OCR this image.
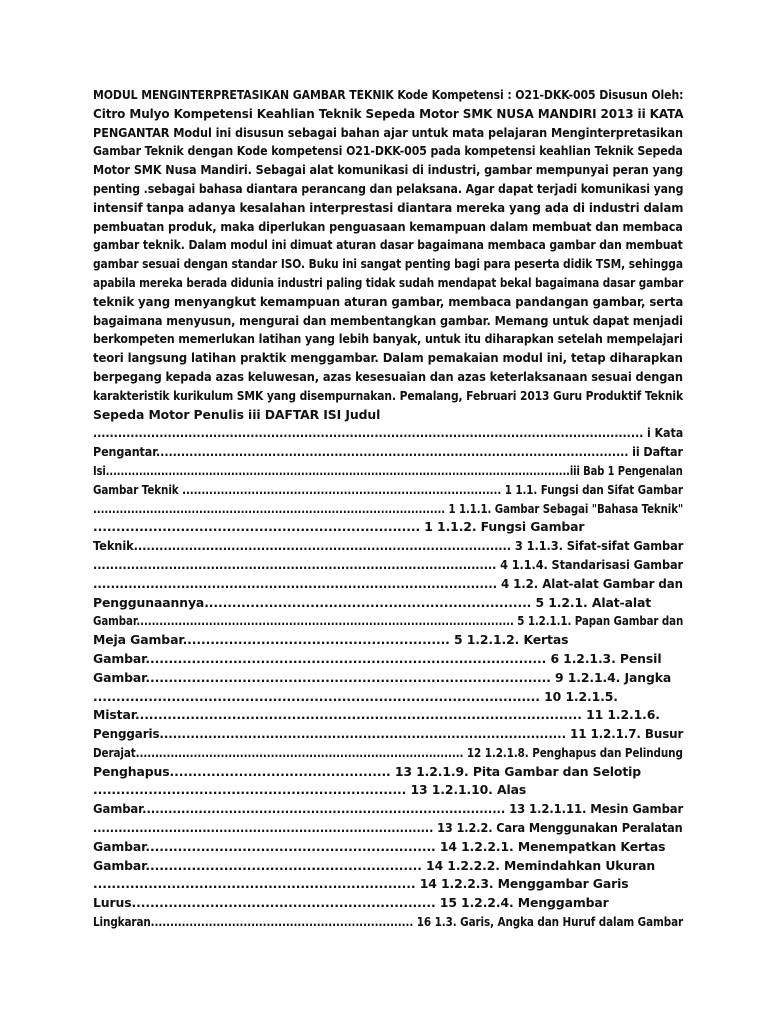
MODUL MENGINTERPRETASIKAN GAMBAR TEKNIK Kode Kompetensi : O21-DKK-005 Disusun Oleh:
Citro Mulyo Kompetensi Keahlian Teknik Sepeda Motor SMK NUSA MANDIRI 2013 ii KATA
PENGANTAR Modul ini disusun sebagai bahan ajar untuk mata pelajaran Menginterpretasikan
Gambar Teknik dengan Kode kompetensi O21-DKK-005 pada kompetensi keahlian Teknik Sepeda
Motor SMK Nusa Mandiri. Sebagai alat komunikasi di industri, gambar mempunyai peran yang
penting .sebagai bahasa diantara perancang dan pelaksana. Agar dapat terjadi komunikasi yang
intensif tanpa adanya kesalahan interprestasi diantara mereka yang ada di industri dalam
pembuatan produk, maka diperlukan penguasaan kemampuan dalam membuat dan membaca
gambar teknik. Dalam modul ini dimuat aturan dasar bagaimana membaca gambar dan membuat
gambar sesuai dengan standar ISO. Buku ini sangat penting bagi para peserta didik TSM, sehingga
apabila mereka berada didunia industri paling tidak sudah mendapat bekal bagaimana dasar gambar
teknik yang menyangkut kemampuan aturan gambar, membaca pandangan gambar, serta
bagaimana menyusun, mengurai dan membentangkan gambar. Memang untuk dapat menjadi
berkompeten memerlukan latihan yang lebih banyak, untuk itu diharapkan setelah mempelajari
teori langsung latihan praktik menggambar. Dalam pemakaian modul ini, tetap diharapkan
berpegang kepada azas keluwesan, azas kesesuaian dan azas keterlaksanaan sesuai dengan
karakteristik kurikulum SMK yang disempurnakan. Pemalang, Februari 2013 Guru Produktif Teknik
Sepeda Motor Penulis iii DAFTAR ISI Judul
..................................................................................................................................... i Kata
Pengantar.................................................................................................................. ii Daftar
Isi..............................................................................................................................iii Bab 1 Pengenalan
Gambar Teknik ................................................................................... 1 1.1. Fungsi dan Sifat Gambar
............................................................................................. 1 1.1.1. Gambar Sebagai "Bahasa Teknik"
....................................................................... 1 1.1.2. Fungsi Gambar
Teknik......................................................................................... 3 1.1.3. Sifat-sifat Gambar
................................................................................................ 4 1.1.4. Standarisasi Gambar
............................................................................................ 4 1.2. Alat-alat Gambar dan
Penggunaannya....................................................................... 5 1.2.1. Alat-alat
Gambar................................................................................................... 5 1.2.1.1. Papan Gambar dan
Meja Gambar.......................................................... 5 1.2.1.2. Kertas
Gambar....................................................................................... 6 1.2.1.3. Pensil
Gambar........................................................................................ 9 1.2.1.4. Jangka
................................................................................................. 10 1.2.1.5.
Mistar................................................................................................. 11 1.2.1.6.
Penggaris............................................................................................ 11 1.2.1.7. Busur
Derajat..................................................................................... 12 1.2.1.8. Penghapus dan Pelindung
Penghapus................................................ 13 1.2.1.9. Pita Gambar dan Selotip
.................................................................... 13 1.2.1.10. Alas
Gambar.................................................................................... 13 1.2.1.11. Mesin Gambar
................................................................................. 13 1.2.2. Cara Menggunakan Peralatan
Gambar............................................................... 14 1.2.2.1. Menempatkan Kertas
Gambar............................................................ 14 1.2.2.2. Memindahkan Ukuran
...................................................................... 14 1.2.2.3. Menggambar Garis
Lurus.................................................................. 15 1.2.2.4. Menggambar
Lingkaran.................................................................... 16 1.3. Garis, Angka dan Huruf dalam Gambar
